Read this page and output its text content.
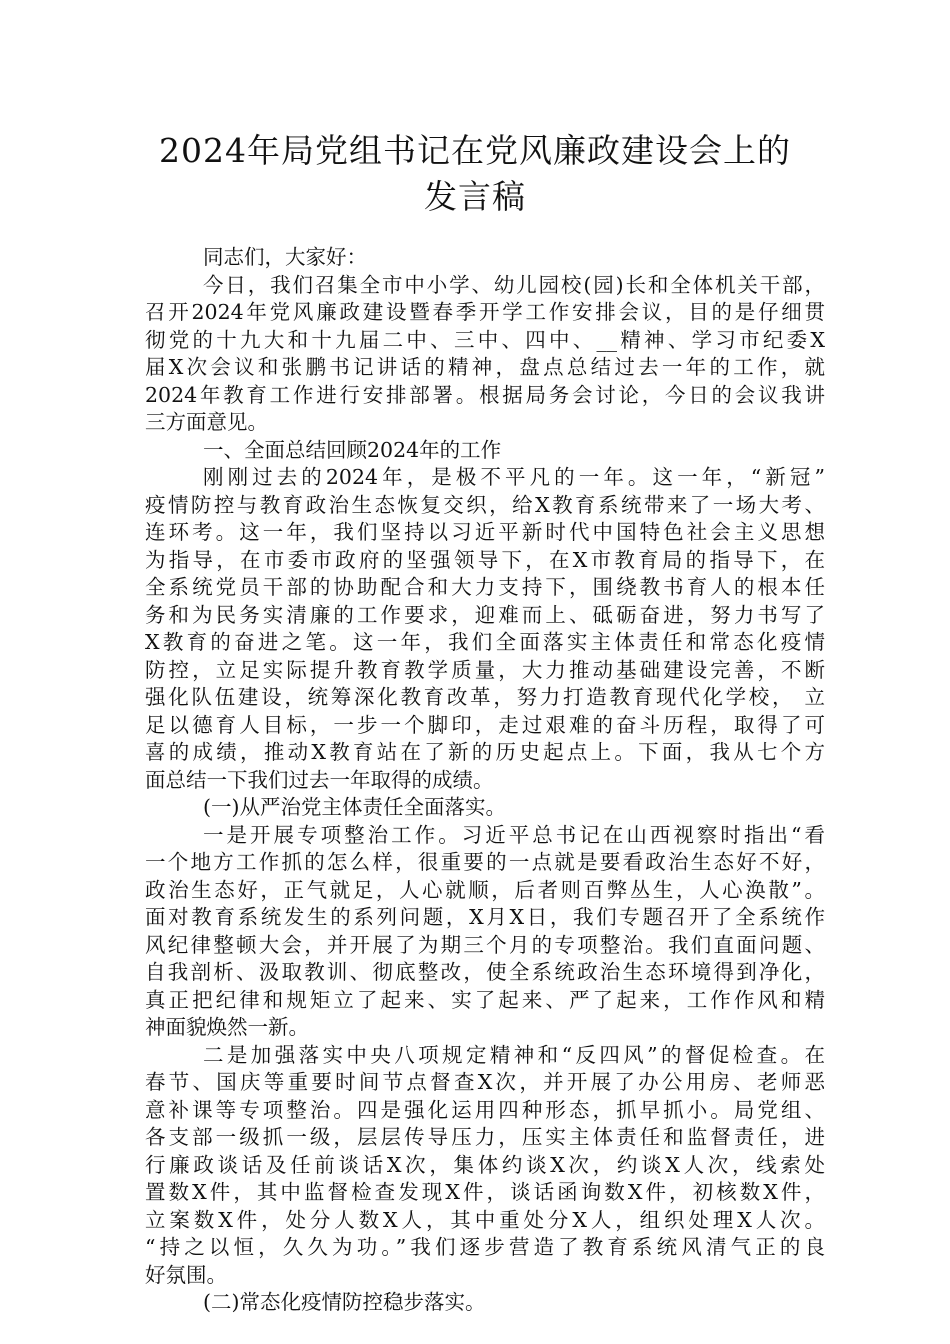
2024年局党组书记在党风廉政建设会上的
发言稿
同志们，大家好：
今日，我们召集全市中小学、幼儿园校(园)长和全体机关干部，
召开2024年党风廉政建设暨春季开学工作安排会议，目的是仔细贯
彻党的十九大和十九届二中、三中、四中、__精神、学习市纪委X
届X次会议和张鹏书记讲话的精神，盘点总结过去一年的工作，就
2024年教育工作进行安排部署。根据局务会讨论，今日的会议我讲
三方面意见。
一、全面总结回顾2024年的工作
刚刚过去的2024年，是极不平凡的一年。这一年，“新冠”
疫情防控与教育政治生态恢复交织，给X教育系统带来了一场大考、
连环考。这一年，我们坚持以习近平新时代中国特色社会主义思想
为指导，在市委市政府的坚强领导下，在X市教育局的指导下，在
全系统党员干部的协助配合和大力支持下，围绕教书育人的根本任
务和为民务实清廉的工作要求，迎难而上、砥砺奋进，努力书写了
X教育的奋进之笔。这一年，我们全面落实主体责任和常态化疫情
防控，立足实际提升教育教学质量，大力推动基础建设完善，不断
强化队伍建设，统筹深化教育改革，努力打造教育现代化学校， 立
足以德育人目标，一步一个脚印，走过艰难的奋斗历程，取得了可
喜的成绩，推动X教育站在了新的历史起点上。下面，我从七个方
面总结一下我们过去一年取得的成绩。
(一)从严治党主体责任全面落实。
一是开展专项整治工作。习近平总书记在山西视察时指出“看
一个地方工作抓的怎么样，很重要的一点就是要看政治生态好不好，
政治生态好，正气就足，人心就顺，后者则百弊丛生，人心涣散”。
面对教育系统发生的系列问题，X月X日，我们专题召开了全系统作
风纪律整顿大会，并开展了为期三个月的专项整治。我们直面问题、
自我剖析、汲取教训、彻底整改，使全系统政治生态环境得到净化，
真正把纪律和规矩立了起来、实了起来、严了起来，工作作风和精
神面貌焕然一新。
二是加强落实中央八项规定精神和“反四风”的督促检查。在
春节、国庆等重要时间节点督查X次，并开展了办公用房、老师恶
意补课等专项整治。四是强化运用四种形态，抓早抓小。局党组、
各支部一级抓一级，层层传导压力，压实主体责任和监督责任，进
行廉政谈话及任前谈话X次，集体约谈X次，约谈X人次，线索处
置数X件，其中监督检查发现X件，谈话函询数X件，初核数X件，
立案数X件，处分人数X人，其中重处分X人，组织处理X人次。
“持之以恒，久久为功。”我们逐步营造了教育系统风清气正的良
好氛围。
(二)常态化疫情防控稳步落实。
